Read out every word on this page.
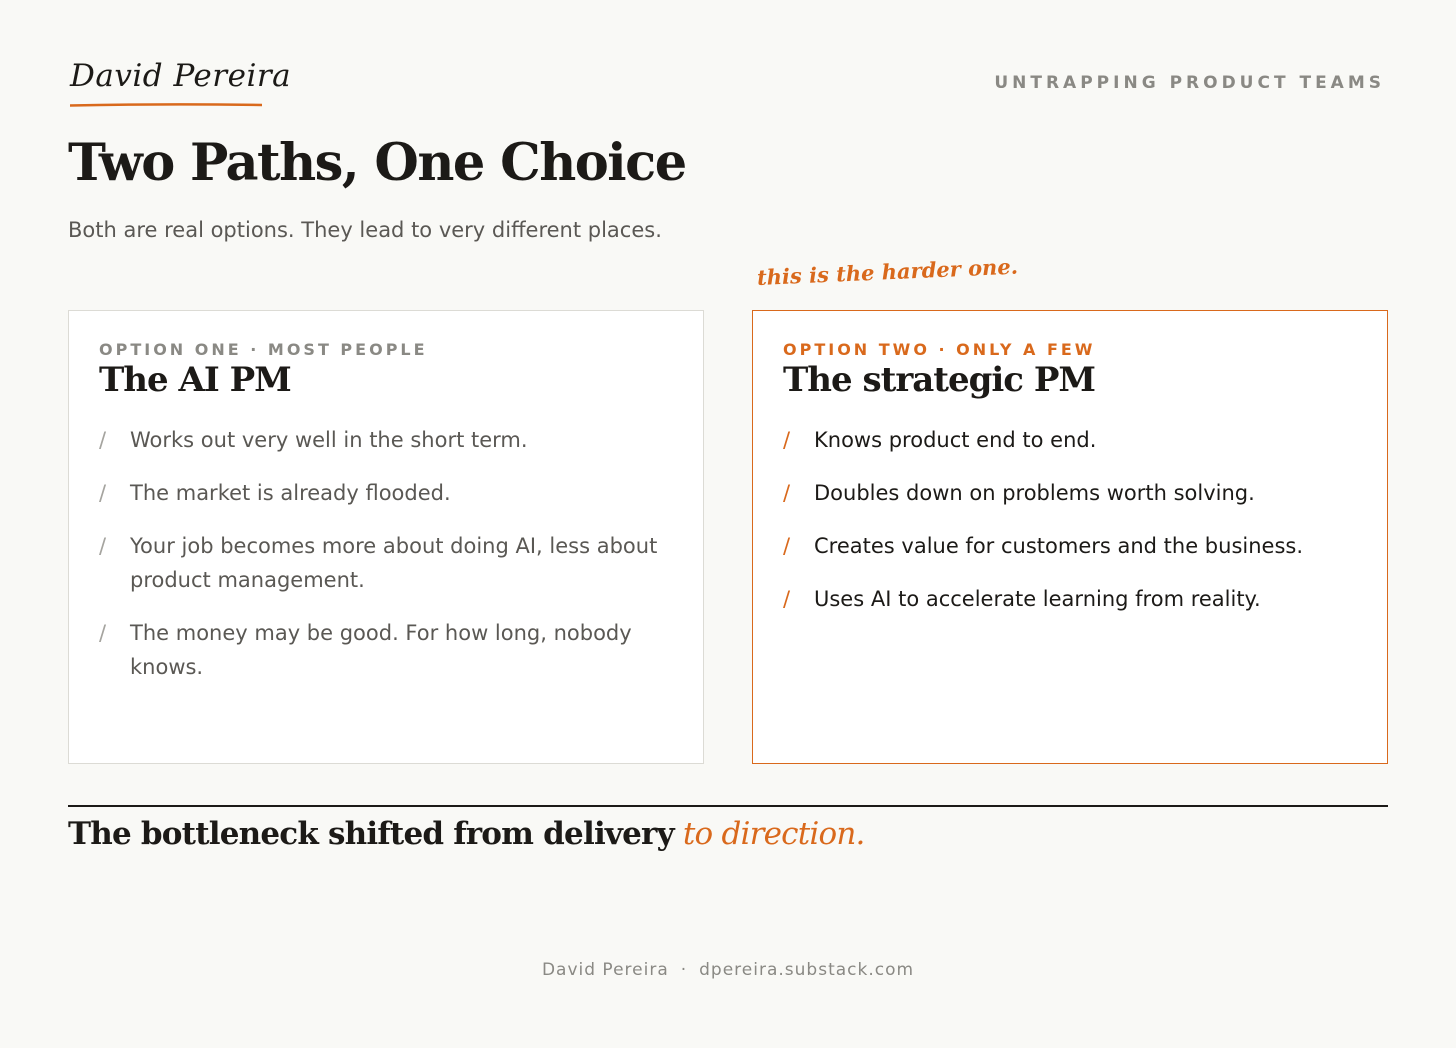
David Pereira	UNTRAPPING PRODUCT TEAMS
Two Paths, One Choice

Both are real options. They lead to very different places.

this is the harder one.
OPTION ONE · MOST PEOPLE
The AI PM
/	Works out very well in the short term.
/	The market is already flooded.
/	Your job becomes more about doing AI, less about product management.
/	The money may be good. For how long, nobody knows.
OPTION TWO · ONLY A FEW
The strategic PM
/	Knows product end to end.
/	Doubles down on problems worth solving.
/	Creates value for customers and the business.
/	Uses AI to accelerate learning from reality.

The bottleneck shifted from delivery to direction.

David Pereira · dpereira.substack.com
